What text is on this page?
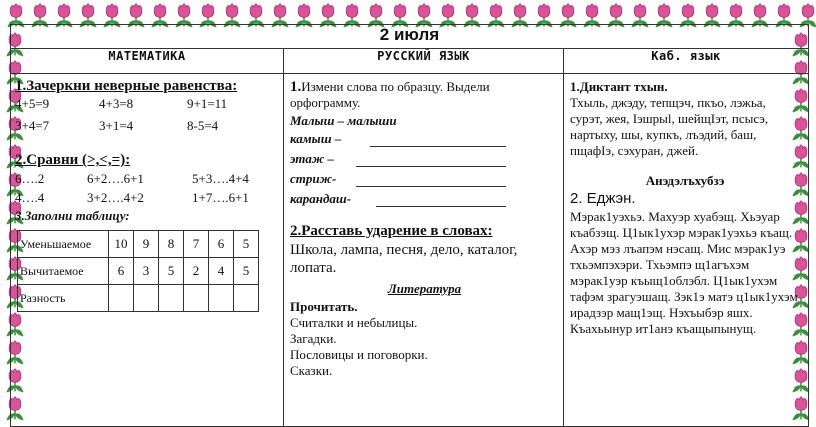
2 июля
МАТЕМАТИКА	РУССКИЙ ЯЗЫК	Каб. язык

1.Зачеркни неверные равенства:
4+5=9	4+3=8	9+1=11
3+4=7	3+1=4	8-5=4
2.Сравни (>,<,=):
6….2	6+2….6+1	5+3….4+4
4….4	3+2….4+2	1+7….6+1
3.Заполни таблицу:
Уменьшаемое	10	9	8	7	6	5
Вычитаемое	6	3	5	2	4	5
Разность						

1.Измени слова по образцу. Выдели орфограмму.
Малыш – малыши
камыш –
этаж –
стриж-
карандаш-
2.Расставь ударение в словах:
Школа, лампа, песня, дело, каталог, лопата.
Литература
Прочитать.
Считалки и небылицы.
Загадки.
Пословицы и поговорки.
Сказки.

1.Диктант тхын.
Тхыль, джэду, тепщэч, пкъо, лэжьа, сурэт, жея, Iэшрыl, шейщIэт, псысэ, нартыху, шы, купкъ, лъэдий, баш, пщафIэ, сэхуран, джей.
Анэдэлъхубзэ
2. Еджэн.
Мэрак1уэхьэ. Махуэр хуабэщ. Хьэуар къабзэщ. Ц1ык1ухэр мэрак1уэхьэ къащ. Ахэр мэз лъапэм нэсащ. Мис мэрак1уэ тхьэмпэхэри. Тхьэмпэ щ1агъхэм мэрак1уэр къыщ1облэбл. Ц1ык1ухэм тафэм зрагуэшащ. Зэк1э матэ ц1ык1ухэм ирадзэр мащ1эщ. Нэхъыбэр яшх. Къахьынур ит1анэ къащыпынущ.
